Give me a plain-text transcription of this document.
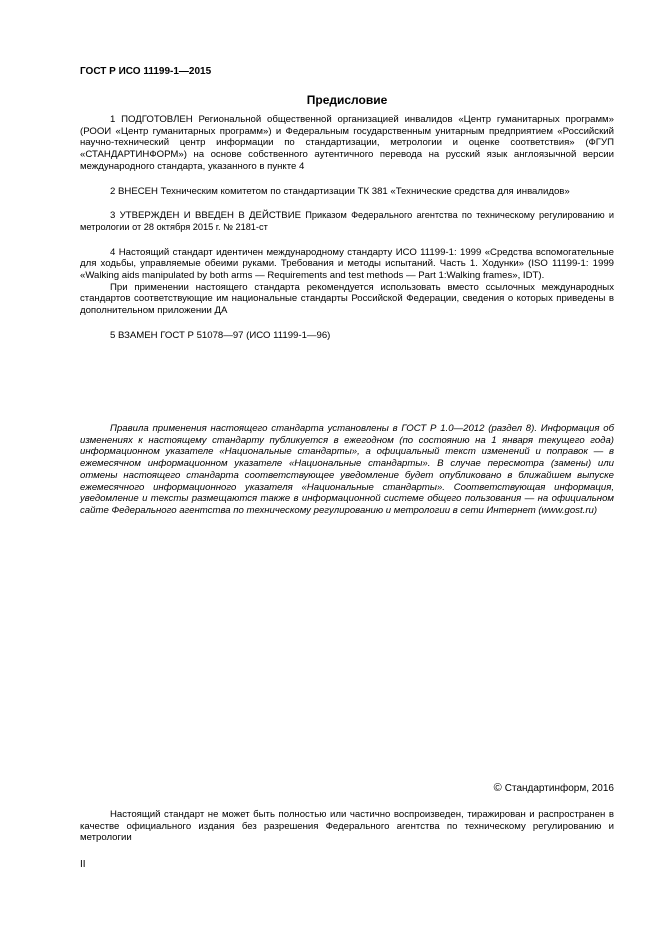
ГОСТ Р ИСО 11199-1—2015
Предисловие

1 ПОДГОТОВЛЕН Региональной общественной организацией инвалидов «Центр гуманитарных программ» (РООИ «Центр гуманитарных программ») и Федеральным государственным унитарным предприятием «Российский научно-технический центр информации по стандартизации, метрологии и оценке соответствия» (ФГУП «СТАНДАРТИНФОРМ») на основе собственного аутентичного перевода на русский язык англоязычной версии международного стандарта, указанного в пункте 4

2 ВНЕСЕН Техническим комитетом по стандартизации ТК 381 «Технические средства для инвалидов»

3 УТВЕРЖДЕН И ВВЕДЕН В ДЕЙСТВИЕ Приказом Федерального агентства по техническому регулированию и метрологии от 28 октября 2015 г. № 2181-ст

4 Настоящий стандарт идентичен международному стандарту ИСО 11199-1: 1999 «Средства вспомогательные для ходьбы, управляемые обеими руками. Требования и методы испытаний. Часть 1. Ходунки» (ISO 11199-1: 1999 «Walking aids manipulated by both arms — Requirements and test methods — Part 1:Walking frames», IDT).

При применении настоящего стандарта рекомендуется использовать вместо ссылочных международных стандартов соответствующие им национальные стандарты Российской Федерации, сведения о которых приведены в дополнительном приложении ДА

5 ВЗАМЕН ГОСТ Р 51078—97 (ИСО 11199-1—96)

Правила применения настоящего стандарта установлены в ГОСТ Р 1.0—2012 (раздел 8). Информация об изменениях к настоящему стандарту публикуется в ежегодном (по состоянию на 1 января текущего года) информационном указателе «Национальные стандарты», а официальный текст изменений и поправок — в ежемесячном информационном указателе «Национальные стандарты». В случае пересмотра (замены) или отмены настоящего стандарта соответствующее уведомление будет опубликовано в ближайшем выпуске ежемесячного информационного указателя «Национальные стандарты». Соответствующая информация, уведомление и тексты размещаются также в информационной системе общего пользования — на официальном сайте Федерального агентства по техническому регулированию и метрологии в сети Интернет (www.gost.ru)

© Стандартинформ, 2016

Настоящий стандарт не может быть полностью или частично воспроизведен, тиражирован и распространен в качестве официального издания без разрешения Федерального агентства по техническому регулированию и метрологии

II
